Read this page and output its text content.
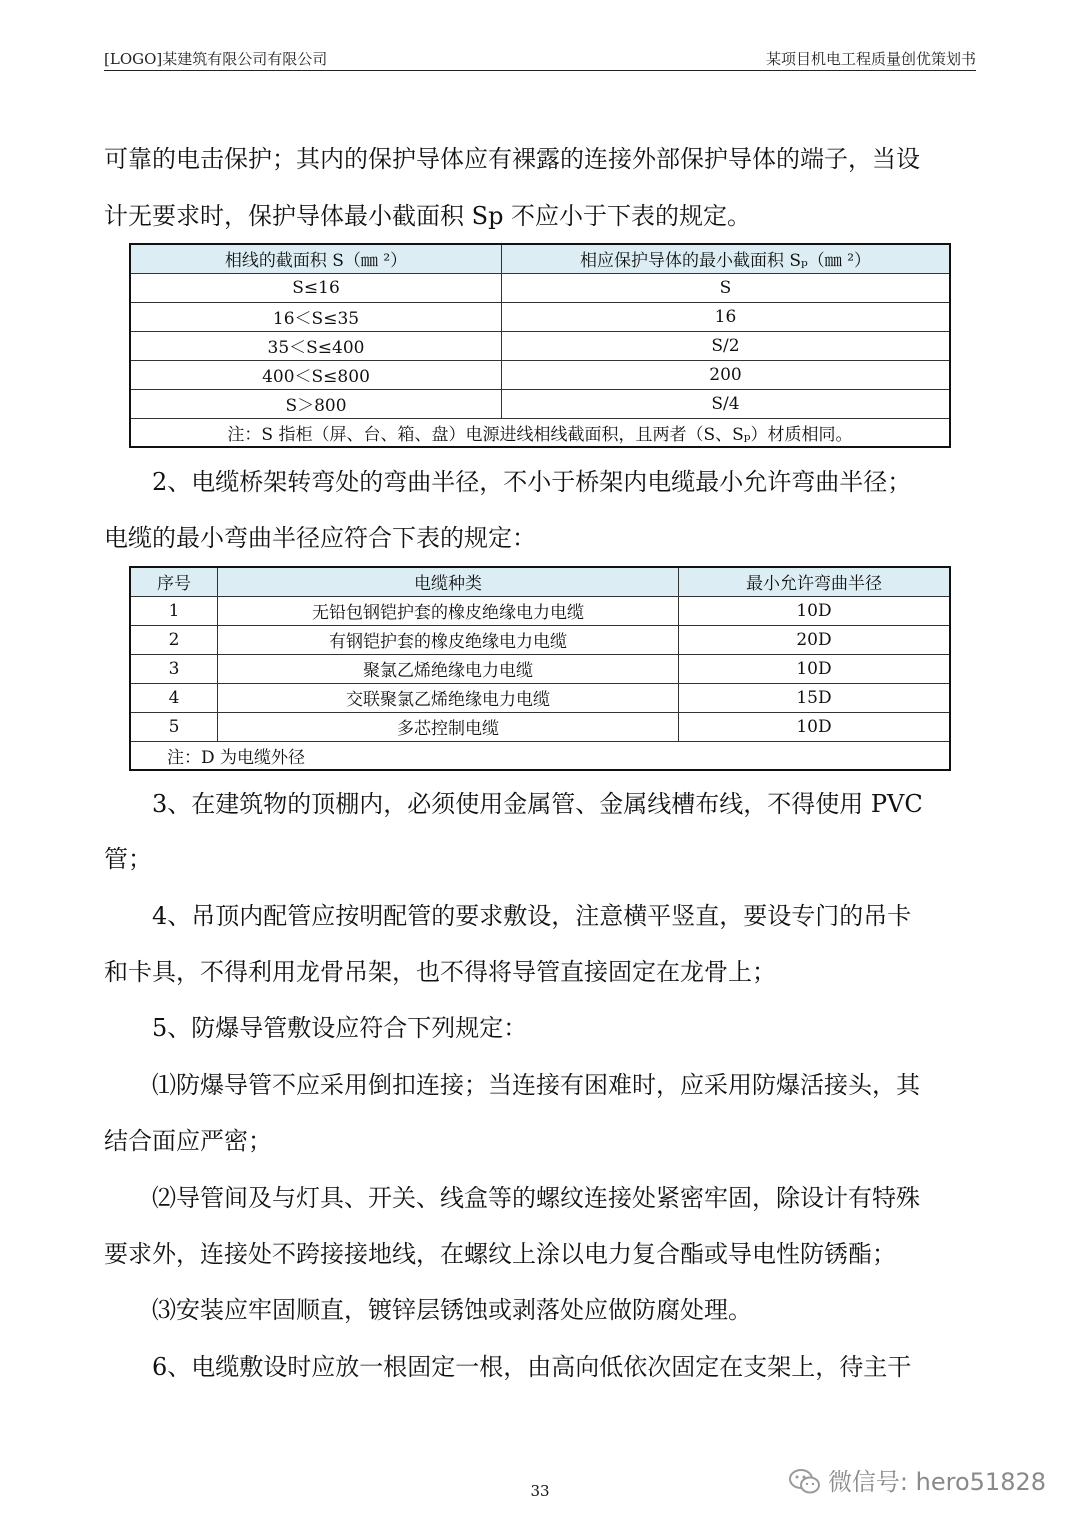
[LOGO]某建筑有限公司有限公司	某项目机电工程质量创优策划书

可靠的电击保护；其内的保护导体应有裸露的连接外部保护导体的端子，当设

计无要求时，保护导体最小截面积 Sp 不应小于下表的规定。

相线的截面积 S（㎜ ²）	相应保护导体的最小截面积 Sₚ（㎜ ²）
S≤16	S
16＜S≤35	16
35＜S≤400	S/2
400＜S≤800	200
S＞800	S/4
注：S 指柜（屏、台、箱、盘）电源进线相线截面积，且两者（S、Sₚ）材质相同。	

2、电缆桥架转弯处的弯曲半径，不小于桥架内电缆最小允许弯曲半径；

电缆的最小弯曲半径应符合下表的规定：

序号	电缆种类	最小允许弯曲半径
1	无铅包钢铠护套的橡皮绝缘电力电缆	10D
2	有钢铠护套的橡皮绝缘电力电缆	20D
3	聚氯乙烯绝缘电力电缆	10D
4	交联聚氯乙烯绝缘电力电缆	15D
5	多芯控制电缆	10D
注：D 为电缆外径		

3、在建筑物的顶棚内，必须使用金属管、金属线槽布线，不得使用 PVC

管；

4、吊顶内配管应按明配管的要求敷设，注意横平竖直，要设专门的吊卡

和卡具，不得利用龙骨吊架，也不得将导管直接固定在龙骨上；

5、防爆导管敷设应符合下列规定：

⑴防爆导管不应采用倒扣连接；当连接有困难时，应采用防爆活接头，其

结合面应严密；

⑵导管间及与灯具、开关、线盒等的螺纹连接处紧密牢固，除设计有特殊

要求外，连接处不跨接接地线，在螺纹上涂以电力复合酯或导电性防锈酯；

⑶安装应牢固顺直，镀锌层锈蚀或剥落处应做防腐处理。

6、电缆敷设时应放一根固定一根，由高向低依次固定在支架上，待主干

33	微信号: hero51828
